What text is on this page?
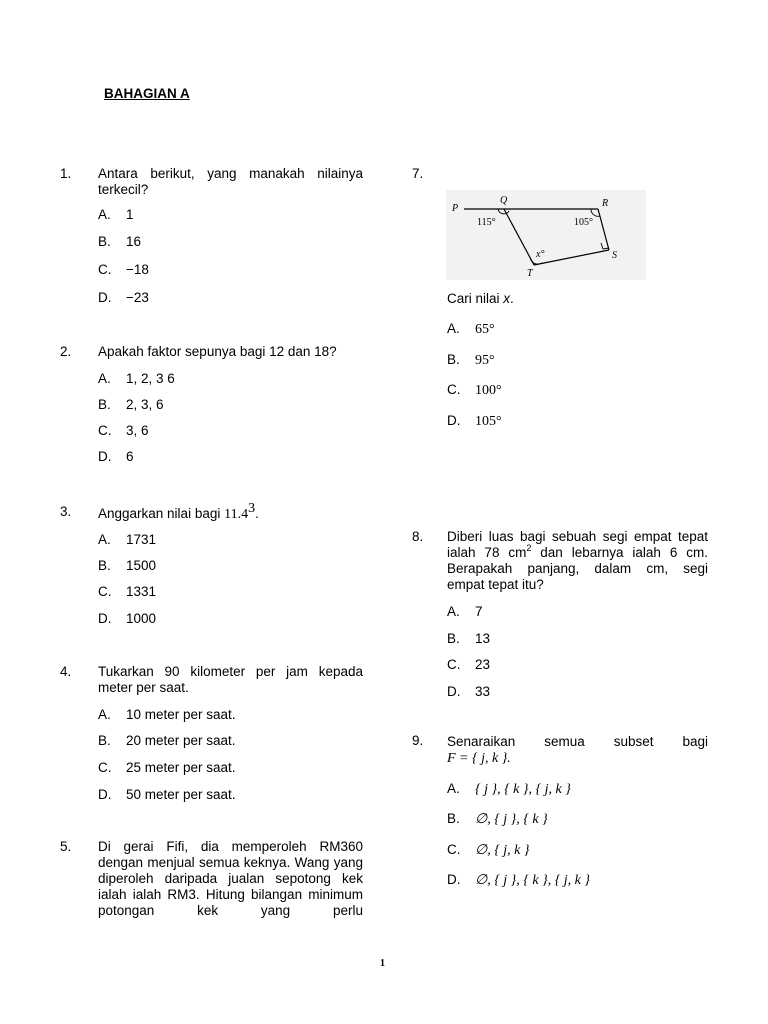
BAHAGIAN A
1.	Antara berikut, yang manakah nilainya terkecil?
A. 1
B. 16
C. −18
D. −23
2.	Apakah faktor sepunya bagi 12 dan 18?
A. 1, 2, 3 6
B. 2, 3, 6
C. 3, 6
D. 6
3.	Anggarkan nilai bagi 11.4$^3$.
A. 1731
B. 1500
C. 1331
D. 1000
4.	Tukarkan 90 kilometer per jam kepada meter per saat.
A. 10 meter per saat.
B. 20 meter per saat.
C. 25 meter per saat.
D. 50 meter per saat.
5.	Di gerai Fifi, dia memperoleh RM360 dengan menjual semua keknya. Wang yang diperoleh daripada jualan sepotong kek ialah ialah RM3. Hitung bilangan minimum potongan kek yang perlu
7.
P
Q	R
S
T
115°	105°
x°
Cari nilai x.
A. 65°
B. 95°
C. 100°
D. 105°
8.	Diberi luas bagi sebuah segi empat tepat
ialah 78 $cm^2$ dan lebarnya ialah 6 cm.
Berapakah panjang, dalam cm, segi
empat tepat itu?
A. 7
B. 13
C. 23
D. 33
9.	Senaraikan semua subset bagi
F = { j, k }.
A. { j }, { k }, { j, k }
B. ∅, { j }, { k }
C. ∅, { j, k }
D. ∅, { j }, { k }, { j, k }
1
